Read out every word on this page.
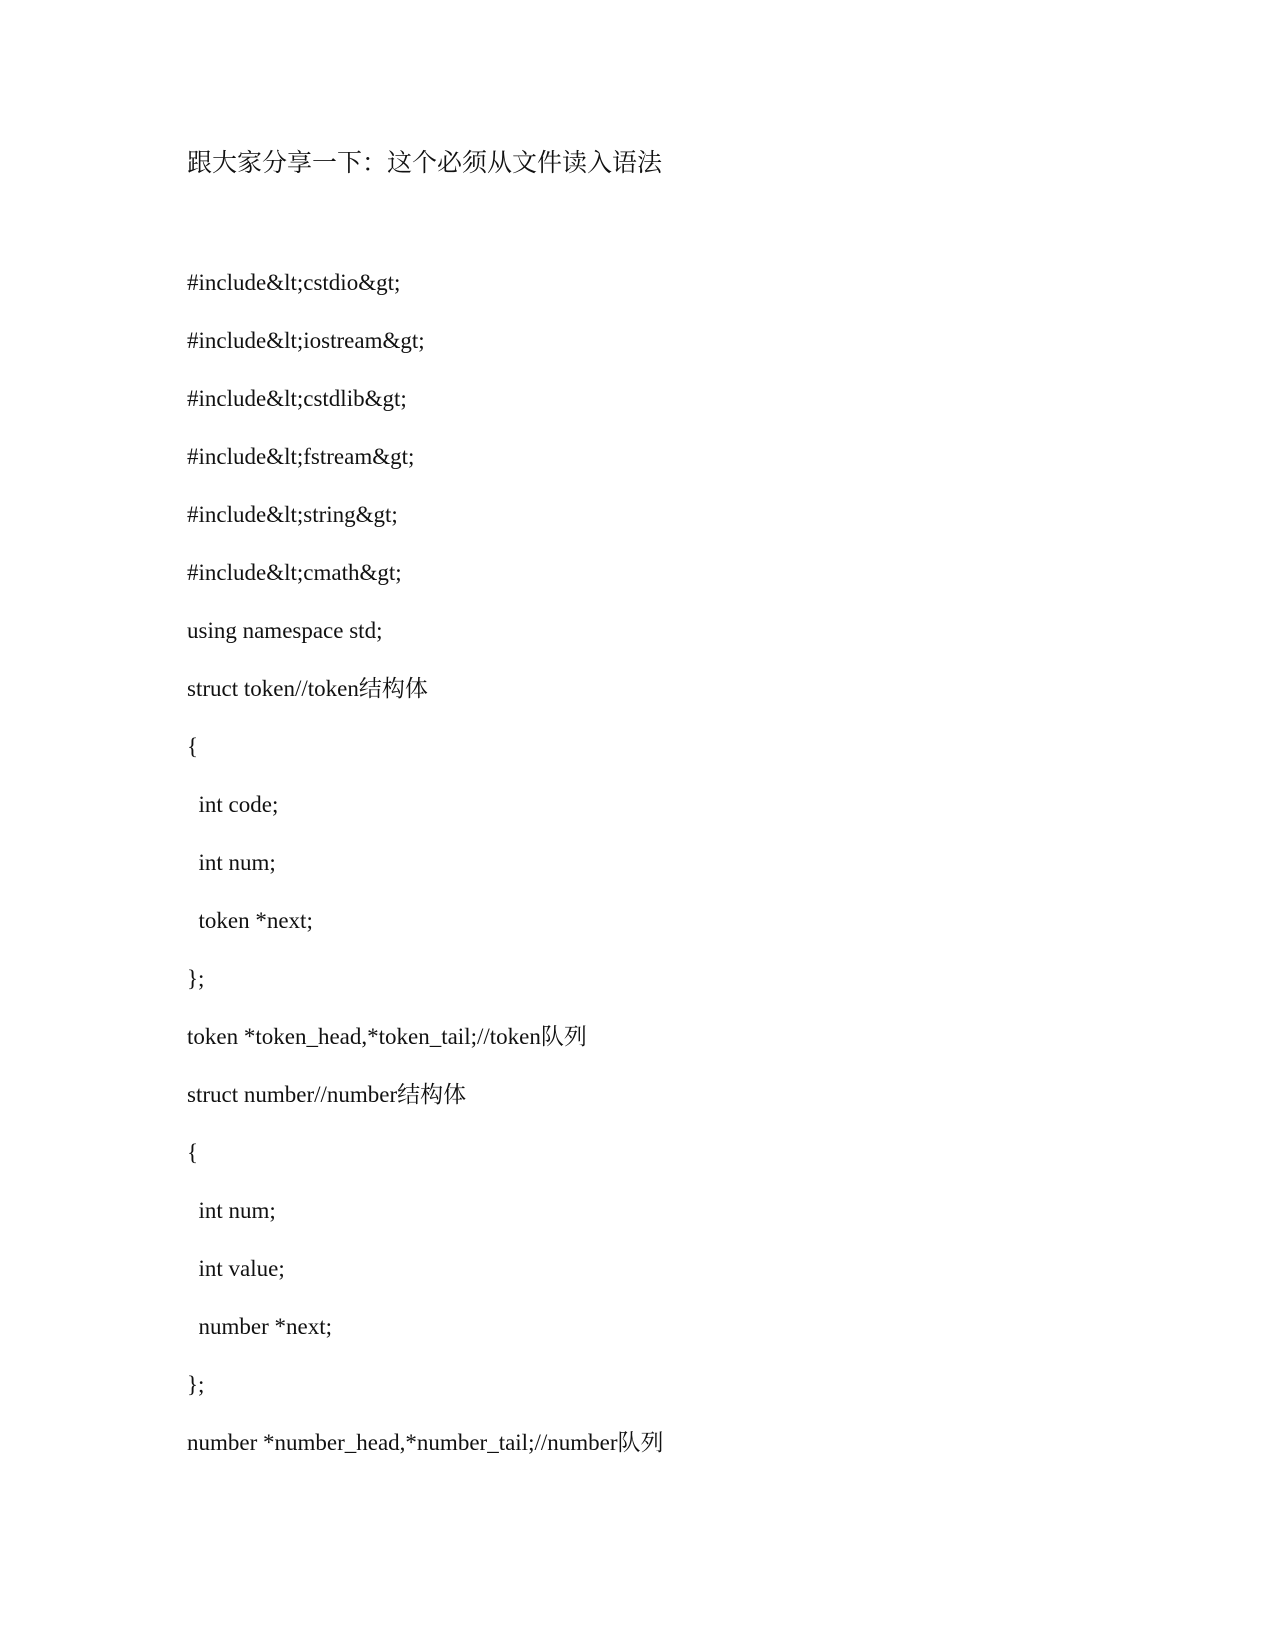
跟大家分享一下：这个必须从文件读入语法
#include&lt;cstdio&gt;
#include&lt;iostream&gt;
#include&lt;cstdlib&gt;
#include&lt;fstream&gt;
#include&lt;string&gt;
#include&lt;cmath&gt;
using namespace std;
struct token//token结构体
{
int code;
int num;
token *next;
};
token *token_head,*token_tail;//token队列
struct number//number结构体
{
int num;
int value;
number *next;
};
number *number_head,*number_tail;//number队列
